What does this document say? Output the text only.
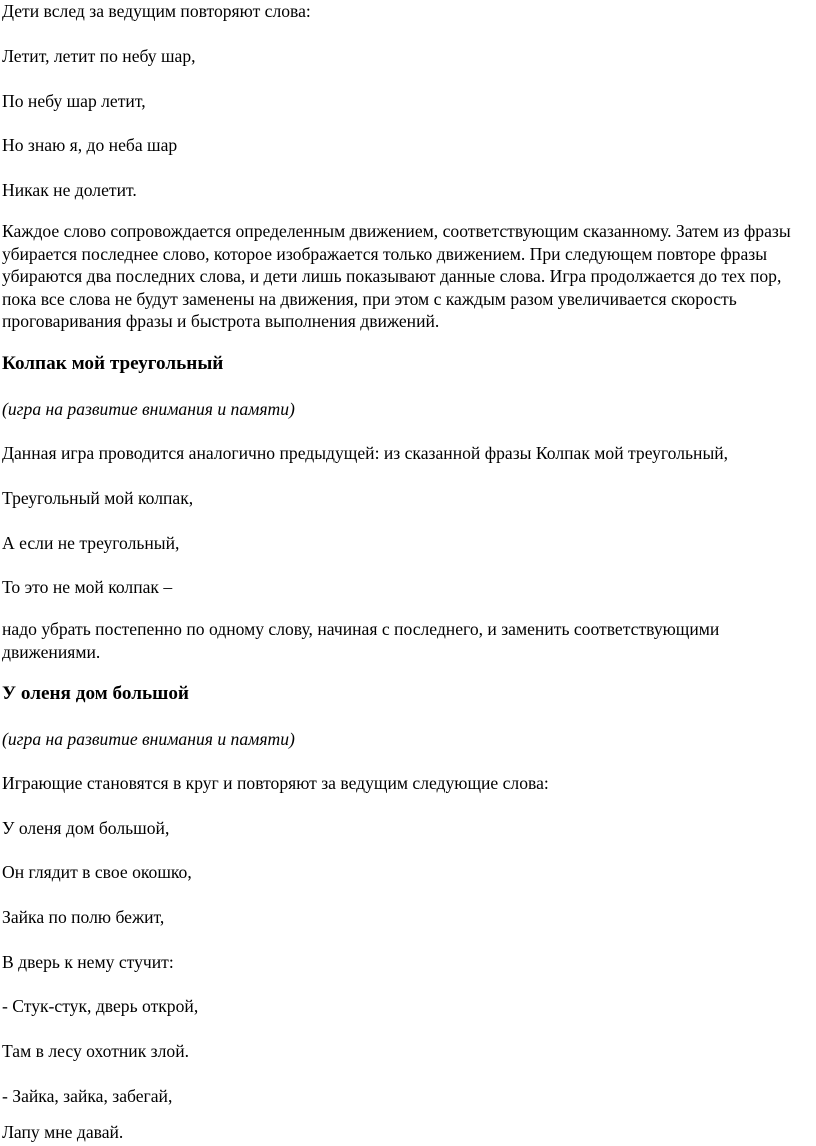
Дети вслед за ведущим повторяют слова:

Летит, летит по небу шар,

По небу шар летит,

Но знаю я, до неба шар

Никак не долетит.

Каждое слово сопровождается определенным движением, соответствующим сказанному. Затем из фразы убирается последнее слово, которое изображается только движением. При следующем повторе фразы убираются два последних слова, и дети лишь показывают данные слова. Игра продолжается до тех пор, пока все слова не будут заменены на движения, при этом с каждым разом увеличивается скорость проговаривания фразы и быстрота выполнения движений.

Колпак мой треугольный

(игра на развитие внимания и памяти)

Данная игра проводится аналогично предыдущей: из сказанной фразы Колпак мой треугольный,

Треугольный мой колпак,

А если не треугольный,

То это не мой колпак –

надо убрать постепенно по одному слову, начиная с последнего, и заменить соответствующими движениями.

У оленя дом большой

(игра на развитие внимания и памяти)

Играющие становятся в круг и повторяют за ведущим следующие слова:

У оленя дом большой,

Он глядит в свое окошко,

Зайка по полю бежит,

В дверь к нему стучит:

- Стук-стук, дверь открой,

Там в лесу охотник злой.

- Зайка, зайка, забегай,

Лапу мне давай.
